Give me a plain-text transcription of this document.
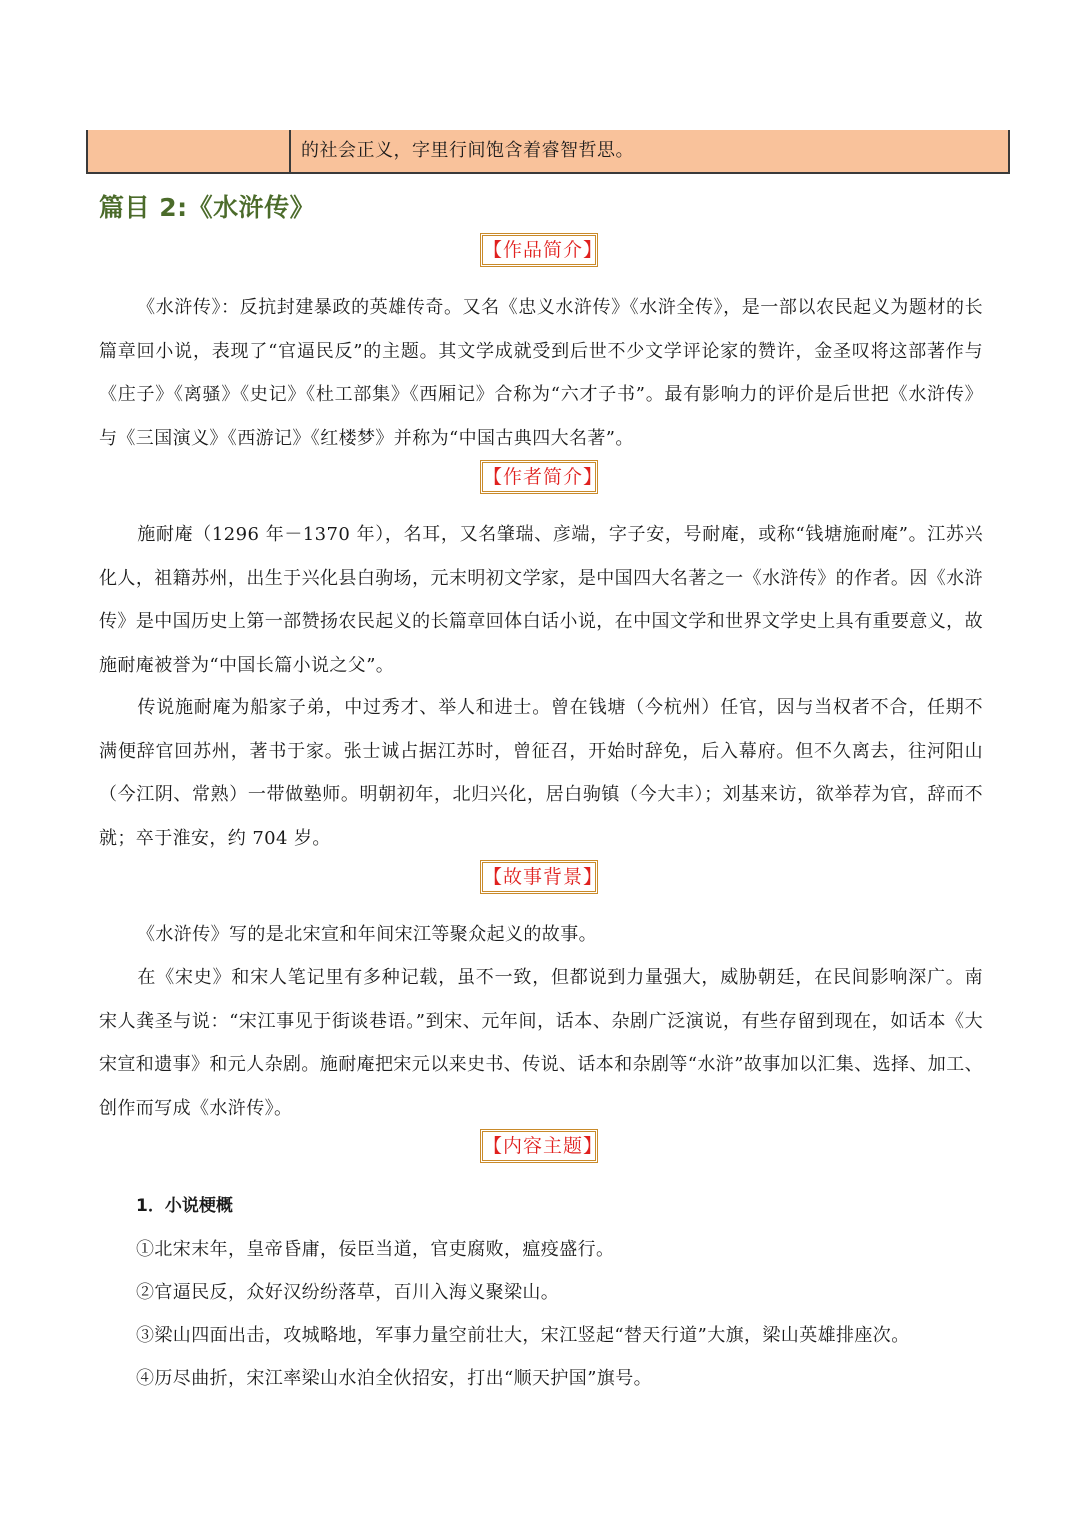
的社会正义，字里行间饱含着睿智哲思。
篇目 2:《水浒传》
【作品简介】
《水浒传》：反抗封建暴政的英雄传奇。又名《忠义水浒传》《水浒全传》，是一部以农民起义为题材的长篇章回小说，表现了“官逼民反”的主题。其文学成就受到后世不少文学评论家的赞许，金圣叹将这部著作与《庄子》《离骚》《史记》《杜工部集》《西厢记》合称为“六才子书”。最有影响力的评价是后世把《水浒传》与《三国演义》《西游记》《红楼梦》并称为“中国古典四大名著”。
【作者简介】
施耐庵（1296 年－1370 年），名耳，又名肇瑞、彦端，字子安，号耐庵，或称“钱塘施耐庵”。江苏兴化人，祖籍苏州，出生于兴化县白驹场，元末明初文学家，是中国四大名著之一《水浒传》的作者。因《水浒传》是中国历史上第一部赞扬农民起义的长篇章回体白话小说，在中国文学和世界文学史上具有重要意义，故施耐庵被誉为“中国长篇小说之父”。
传说施耐庵为船家子弟，中过秀才、举人和进士。曾在钱塘（今杭州）任官，因与当权者不合，任期不满便辞官回苏州，著书于家。张士诚占据江苏时，曾征召，开始时辞免，后入幕府。但不久离去，往河阳山（今江阴、常熟）一带做塾师。明朝初年，北归兴化，居白驹镇（今大丰）；刘基来访，欲举荐为官，辞而不就；卒于淮安，约 704 岁。
【故事背景】
《水浒传》写的是北宋宣和年间宋江等聚众起义的故事。
在《宋史》和宋人笔记里有多种记载，虽不一致，但都说到力量强大，威胁朝廷，在民间影响深广。南宋人龚圣与说：“宋江事见于街谈巷语。”到宋、元年间，话本、杂剧广泛演说，有些存留到现在，如话本《大宋宣和遗事》和元人杂剧。施耐庵把宋元以来史书、传说、话本和杂剧等“水浒”故事加以汇集、选择、加工、创作而写成《水浒传》。
【内容主题】
1．小说梗概
①北宋末年，皇帝昏庸，佞臣当道，官吏腐败，瘟疫盛行。
②官逼民反，众好汉纷纷落草，百川入海义聚梁山。
③梁山四面出击，攻城略地，军事力量空前壮大，宋江竖起“替天行道”大旗，梁山英雄排座次。
④历尽曲折，宋江率梁山水泊全伙招安，打出“顺天护国”旗号。
